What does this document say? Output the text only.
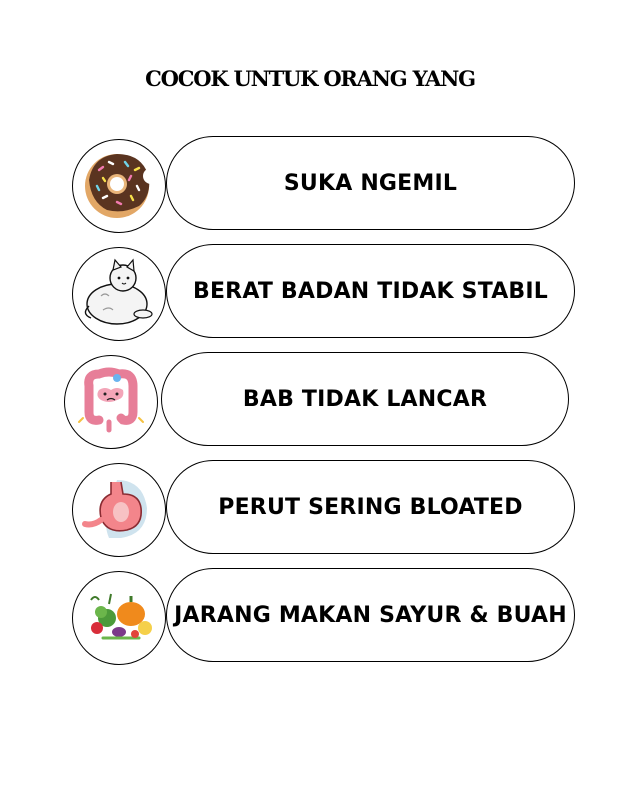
COCOK UNTUK ORANG YANG
SUKA NGEMIL
BERAT BADAN TIDAK STABIL
BAB TIDAK LANCAR
PERUT SERING BLOATED
JARANG MAKAN SAYUR & BUAH
